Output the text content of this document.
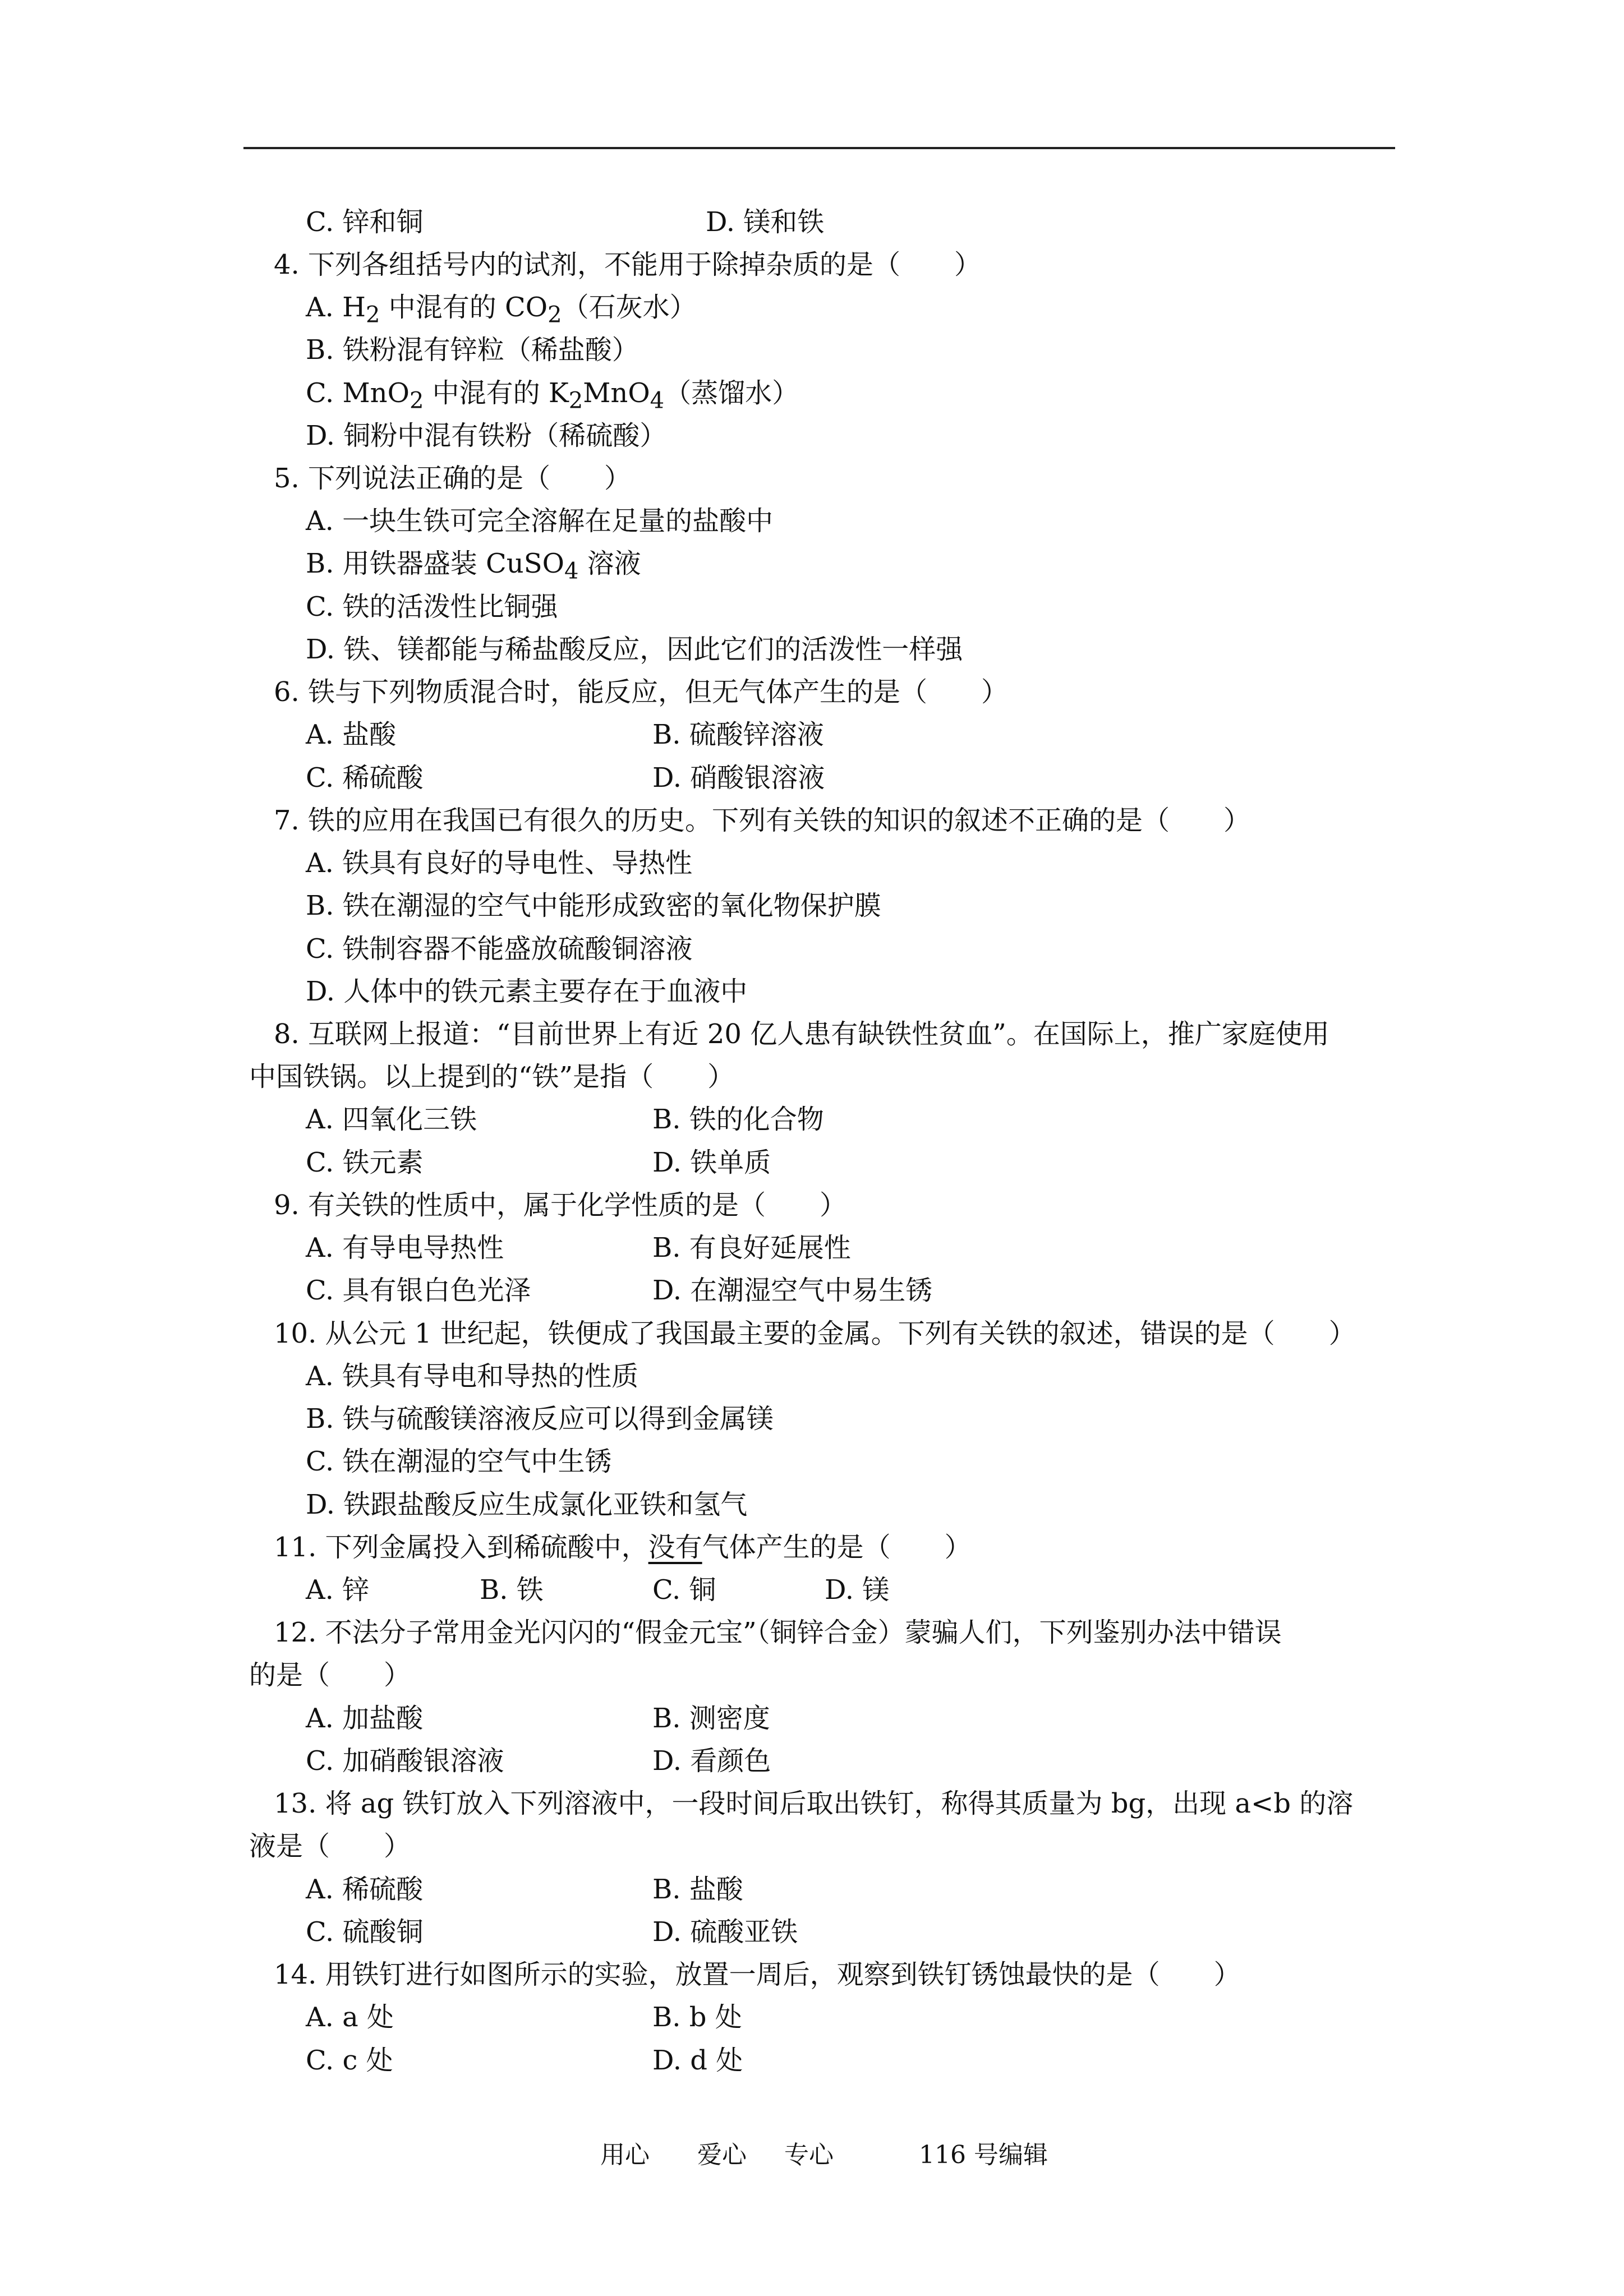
C. 锌和铜	D. 镁和铁
4. 下列各组括号内的试剂，不能用于除掉杂质的是（　　）
A. $H_2$ 中混有的 $CO_2$（石灰水）
B. 铁粉混有锌粒（稀盐酸）
C. MnO$_2$ 中混有的 $K_2MnO_4$（蒸馏水）
D. 铜粉中混有铁粉（稀硫酸）
5. 下列说法正确的是（　　）
A. 一块生铁可完全溶解在足量的盐酸中
B. 用铁器盛装 CuSO$_4$ 溶液
C. 铁的活泼性比铜强
D. 铁、镁都能与稀盐酸反应，因此它们的活泼性一样强
6. 铁与下列物质混合时，能反应，但无气体产生的是（　　）
A. 盐酸	B. 硫酸锌溶液
C. 稀硫酸	D. 硝酸银溶液
7. 铁的应用在我国已有很久的历史。下列有关铁的知识的叙述不正确的是（　　）
A. 铁具有良好的导电性、导热性
B. 铁在潮湿的空气中能形成致密的氧化物保护膜
C. 铁制容器不能盛放硫酸铜溶液
D. 人体中的铁元素主要存在于血液中
8. 互联网上报道：“目前世界上有近 20 亿人患有缺铁性贫血”。在国际上，推广家庭使用
中国铁锅。以上提到的“铁”是指（　　）
A. 四氧化三铁	B. 铁的化合物
C. 铁元素	D. 铁单质
9. 有关铁的性质中，属于化学性质的是（　　）
A. 有导电导热性	B. 有良好延展性
C. 具有银白色光泽	D. 在潮湿空气中易生锈
10. 从公元 1 世纪起，铁便成了我国最主要的金属。下列有关铁的叙述，错误的是（　　）
A. 铁具有导电和导热的性质
B. 铁与硫酸镁溶液反应可以得到金属镁
C. 铁在潮湿的空气中生锈
D. 铁跟盐酸反应生成氯化亚铁和氢气
11. 下列金属投入到稀硫酸中，没有气体产生的是（　　）
A. 锌	B. 铁	C. 铜	D. 镁
12. 不法分子常用金光闪闪的“假金元宝”（铜锌合金）蒙骗人们，下列鉴别办法中错误
的是（　　）
A. 加盐酸	B. 测密度
C. 加硝酸银溶液	D. 看颜色
13. 将 ag 铁钉放入下列溶液中，一段时间后取出铁钉，称得其质量为 bg，出现 a<b 的溶
液是（　　）
A. 稀硫酸	B. 盐酸
C. 硫酸铜	D. 硫酸亚铁
14. 用铁钉进行如图所示的实验，放置一周后，观察到铁钉锈蚀最快的是（　　）
A. a 处	B. b 处
C. c 处	D. d 处
用心 爱心 专心	116 号编辑
